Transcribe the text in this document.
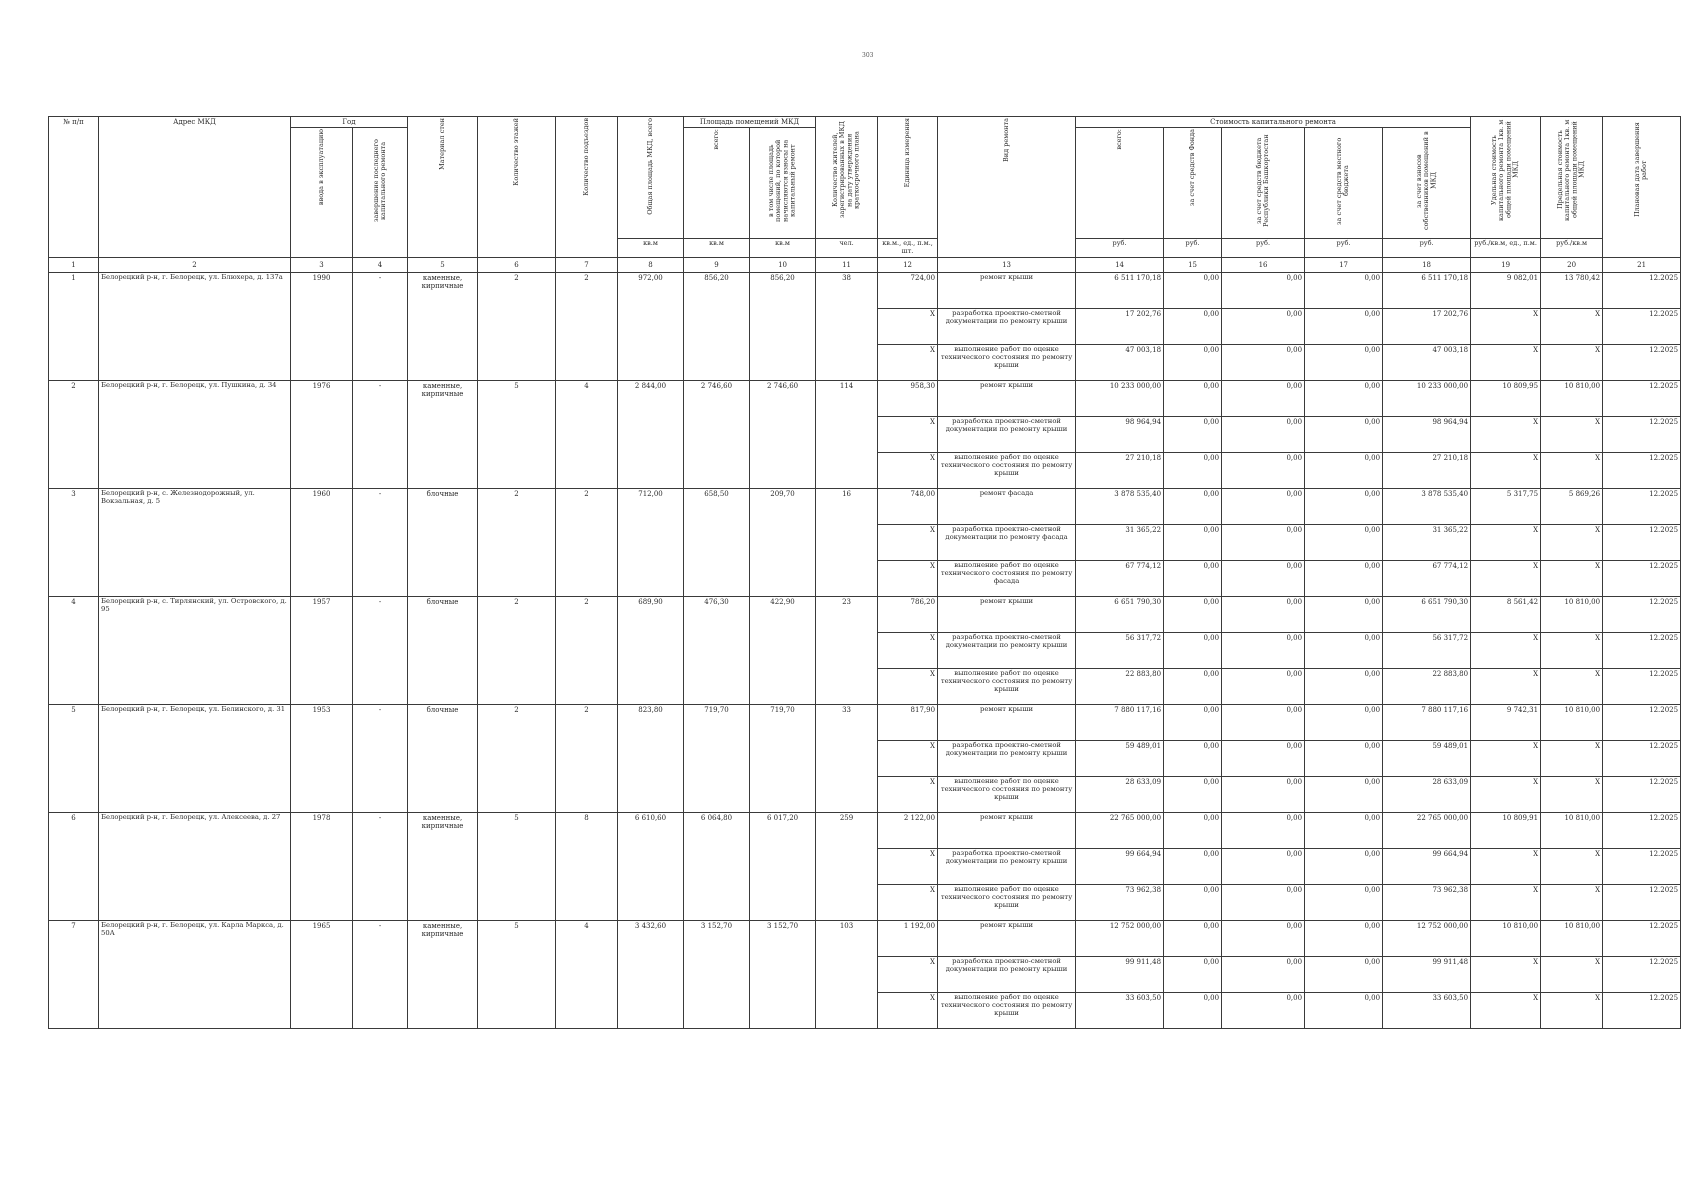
303
№ п/п	Адрес МКД	Год		Материал стен	Количество этажей	Количество подъездов	Общая площадь МКД, всего	Площадь помещений МКД		Количество жителей, зарегистрированных в МКД на дату утверждения краткосрочного плана	Единица измерения	Вид ремонта	Стоимость капитального ремонта					Удельная стоимость капитального ремонта 1кв. м общей площади помещений МКД	Предельная стоимость капитального ремонта 1кв. м общей площади помещений МКД	Плановая дата завершения работ
		ввода в эксплуатацию	завершение последнего капитального ремонта					всего:	в том числе площадь помещений, по которой начисляются взносы на капитальный ремонт				всего:	за счет средств Фонда	за счет средств бюджета Республики Башкортостан	за счет средств местного бюджета	за счет взносов собственников помещений в МКД			
							кв.м	кв.м	кв.м	чел.	кв.м., ед., п.м., шт.		руб.	руб.	руб.	руб.	руб.	руб./кв.м, ед., п.м.	руб./кв.м	
1	2	3	4	5	6	7	8	9	10	11	12	13	14	15	16	17	18	19	20	21
1	Белорецкий р-н, г. Белорецк, ул. Блюхера, д. 137а	1990	-	каменные, кирпичные	2	2	972,00	856,20	856,20	38	724,00	ремонт крыши	6 511 170,18	0,00	0,00	0,00	6 511 170,18	9 082,01	13 780,42	12.2025
											X	разработка проектно-сметной документации по ремонту крыши	17 202,76	0,00	0,00	0,00	17 202,76	X	X	12.2025
											X	выполнение работ по оценке технического состояния по ремонту крыши	47 003,18	0,00	0,00	0,00	47 003,18	X	X	12.2025
2	Белорецкий р-н, г. Белорецк, ул. Пушкина, д. 34	1976	-	каменные, кирпичные	5	4	2 844,00	2 746,60	2 746,60	114	958,30	ремонт крыши	10 233 000,00	0,00	0,00	0,00	10 233 000,00	10 809,95	10 810,00	12.2025
											X	разработка проектно-сметной документации по ремонту крыши	98 964,94	0,00	0,00	0,00	98 964,94	X	X	12.2025
											X	выполнение работ по оценке технического состояния по ремонту крыши	27 210,18	0,00	0,00	0,00	27 210,18	X	X	12.2025
3	Белорецкий р-н, с. Железнодорожный, ул. Вокзальная, д. 5	1960	-	блочные	2	2	712,00	658,50	209,70	16	748,00	ремонт фасада	3 878 535,40	0,00	0,00	0,00	3 878 535,40	5 317,75	5 869,26	12.2025
											X	разработка проектно-сметной документации по ремонту фасада	31 365,22	0,00	0,00	0,00	31 365,22	X	X	12.2025
											X	выполнение работ по оценке технического состояния по ремонту фасада	67 774,12	0,00	0,00	0,00	67 774,12	X	X	12.2025
4	Белорецкий р-н, с. Тирлянский, ул. Островского, д. 95	1957	-	блочные	2	2	689,90	476,30	422,90	23	786,20	ремонт крыши	6 651 790,30	0,00	0,00	0,00	6 651 790,30	8 561,42	10 810,00	12.2025
											X	разработка проектно-сметной документации по ремонту крыши	56 317,72	0,00	0,00	0,00	56 317,72	X	X	12.2025
											X	выполнение работ по оценке технического состояния по ремонту крыши	22 883,80	0,00	0,00	0,00	22 883,80	X	X	12.2025
5	Белорецкий р-н, г. Белорецк, ул. Белинского, д. 31	1953	-	блочные	2	2	823,80	719,70	719,70	33	817,90	ремонт крыши	7 880 117,16	0,00	0,00	0,00	7 880 117,16	9 742,31	10 810,00	12.2025
											X	разработка проектно-сметной документации по ремонту крыши	59 489,01	0,00	0,00	0,00	59 489,01	X	X	12.2025
											X	выполнение работ по оценке технического состояния по ремонту крыши	28 633,09	0,00	0,00	0,00	28 633,09	X	X	12.2025
6	Белорецкий р-н, г. Белорецк, ул. Алексеева, д. 27	1978	-	каменные, кирпичные	5	8	6 610,60	6 064,80	6 017,20	259	2 122,00	ремонт крыши	22 765 000,00	0,00	0,00	0,00	22 765 000,00	10 809,91	10 810,00	12.2025
											X	разработка проектно-сметной документации по ремонту крыши	99 664,94	0,00	0,00	0,00	99 664,94	X	X	12.2025
											X	выполнение работ по оценке технического состояния по ремонту крыши	73 962,38	0,00	0,00	0,00	73 962,38	X	X	12.2025
7	Белорецкий р-н, г. Белорецк, ул. Карла Маркса, д. 50А	1965	-	каменные, кирпичные	5	4	3 432,60	3 152,70	3 152,70	103	1 192,00	ремонт крыши	12 752 000,00	0,00	0,00	0,00	12 752 000,00	10 810,00	10 810,00	12.2025
											X	разработка проектно-сметной документации по ремонту крыши	99 911,48	0,00	0,00	0,00	99 911,48	X	X	12.2025
											X	выполнение работ по оценке технического состояния по ремонту крыши	33 603,50	0,00	0,00	0,00	33 603,50	X	X	12.2025
